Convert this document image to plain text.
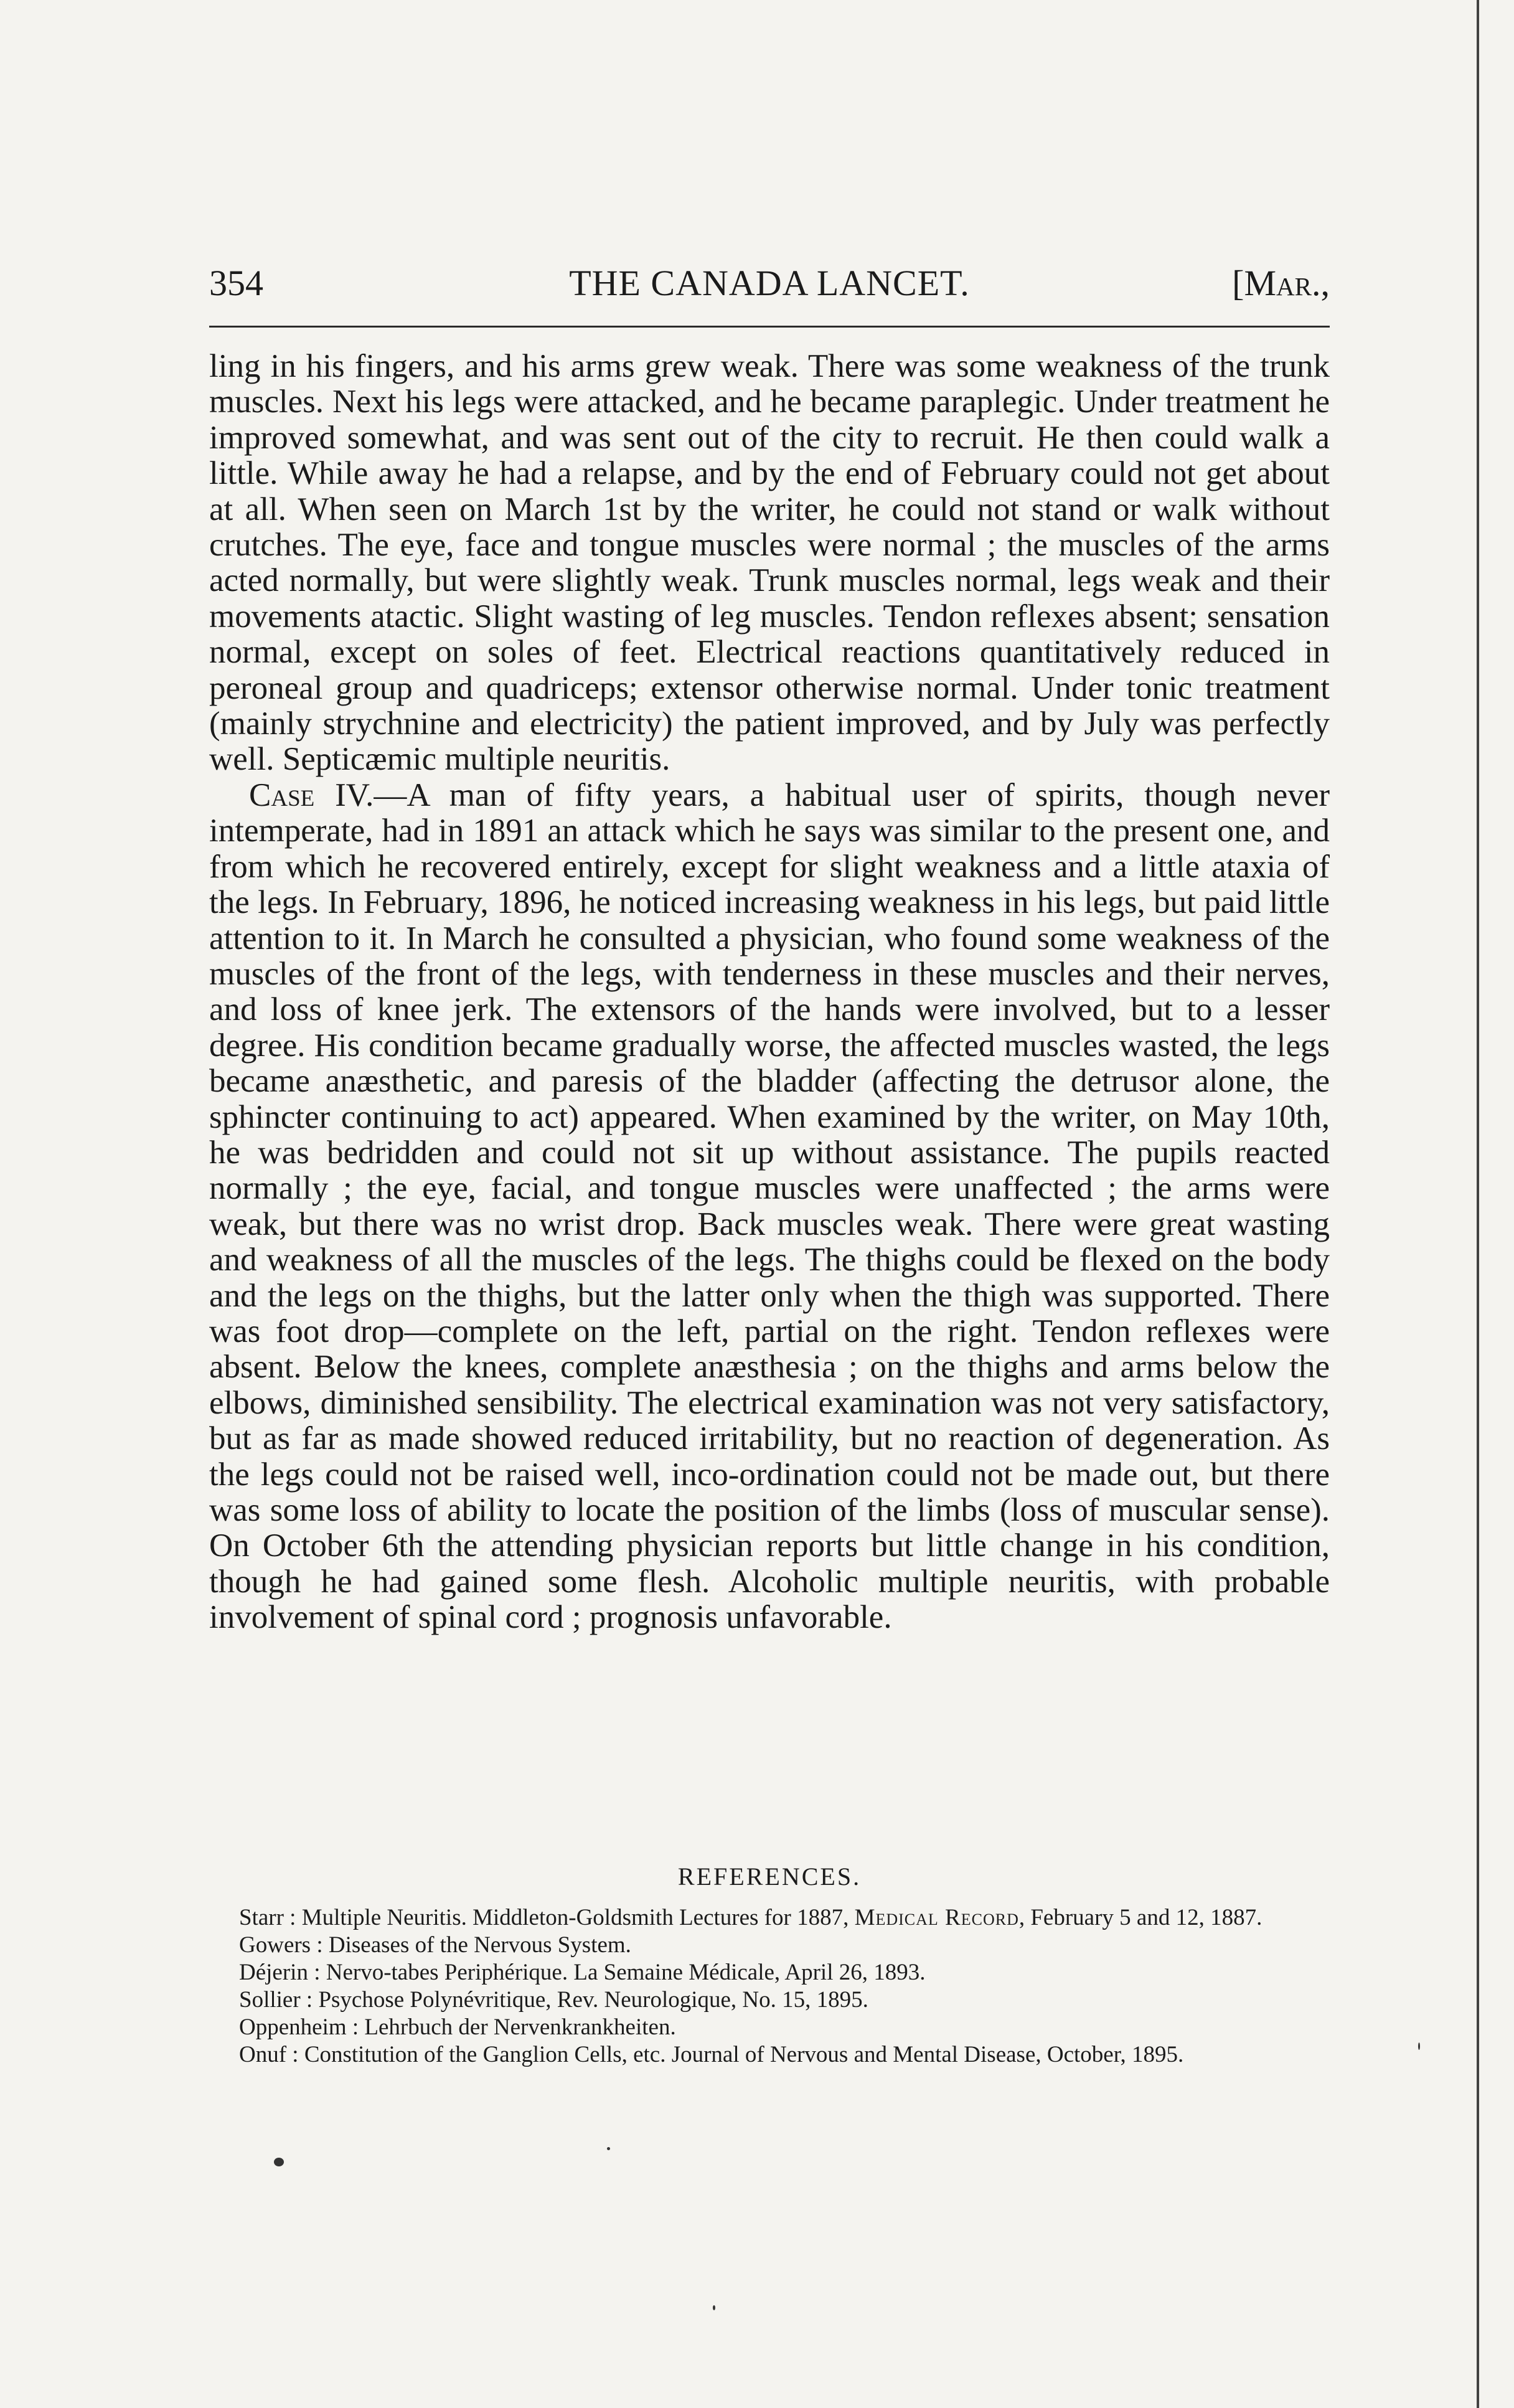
354	THE CANADA LANCET.	[Mar.,

ling in his fingers, and his arms grew weak. There was some weakness of the trunk muscles. Next his legs were attacked, and he became paraplegic. Under treatment he improved somewhat, and was sent out of the city to recruit. He then could walk a little. While away he had a relapse, and by the end of February could not get about at all. When seen on March 1st by the writer, he could not stand or walk without crutches. The eye, face and tongue muscles were normal ; the muscles of the arms acted normally, but were slightly weak. Trunk muscles normal, legs weak and their movements atactic. Slight wasting of leg muscles. Tendon reflexes absent; sensation normal, except on soles of feet. Electrical reactions quantitatively reduced in peroneal group and quadriceps; extensor otherwise normal. Under tonic treatment (mainly strychnine and electricity) the patient improved, and by July was perfectly well. Septicæmic multiple neuritis.

Case IV.—A man of fifty years, a habitual user of spirits, though never intemperate, had in 1891 an attack which he says was similar to the present one, and from which he recovered entirely, except for slight weakness and a little ataxia of the legs. In February, 1896, he noticed increasing weakness in his legs, but paid little attention to it. In March he consulted a physician, who found some weakness of the muscles of the front of the legs, with tenderness in these muscles and their nerves, and loss of knee jerk. The extensors of the hands were involved, but to a lesser degree. His condition became gradually worse, the affected muscles wasted, the legs became anæsthetic, and paresis of the bladder (affecting the detrusor alone, the sphincter continuing to act) appeared. When examined by the writer, on May 10th, he was bedridden and could not sit up without assistance. The pupils reacted normally ; the eye, facial, and tongue muscles were unaffected ; the arms were weak, but there was no wrist drop. Back muscles weak. There were great wasting and weakness of all the muscles of the legs. The thighs could be flexed on the body and the legs on the thighs, but the latter only when the thigh was supported. There was foot drop—complete on the left, partial on the right. Tendon reflexes were absent. Below the knees, complete anæsthesia ; on the thighs and arms below the elbows, diminished sensibility. The electrical examination was not very satisfactory, but as far as made showed reduced irritability, but no reaction of degeneration. As the legs could not be raised well, inco-ordination could not be made out, but there was some loss of ability to locate the position of the limbs (loss of muscular sense). On October 6th the attending physician reports but little change in his condition, though he had gained some flesh. Alcoholic multiple neuritis, with probable involvement of spinal cord ; prognosis unfavorable.

REFERENCES.

Starr : Multiple Neuritis. Middleton-Goldsmith Lectures for 1887, Medical Record, February 5 and 12, 1887.

Gowers : Diseases of the Nervous System.

Déjerin : Nervo-tabes Periphérique. La Semaine Médicale, April 26, 1893.

Sollier : Psychose Polynévritique, Rev. Neurologique, No. 15, 1895.

Oppenheim : Lehrbuch der Nervenkrankheiten.

Onuf : Constitution of the Ganglion Cells, etc. Journal of Nervous and Mental Disease, October, 1895.
